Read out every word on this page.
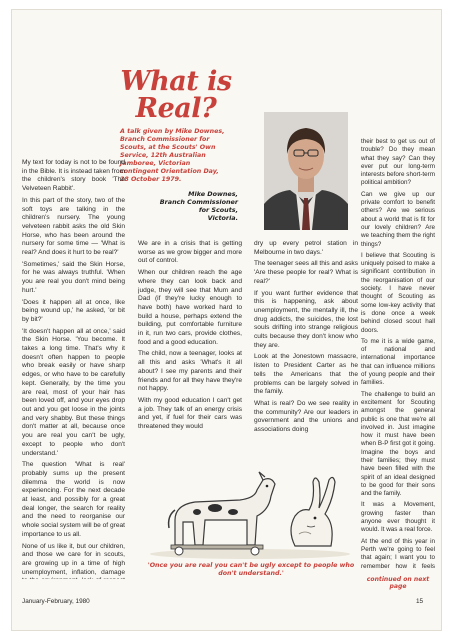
What is Real?
A talk given by Mike Downes, Branch Commissioner for Scouts, at the Scouts' Own Service, 12th Australian Jamboree, Victorian contingent Orientation Day, 28 October 1979.
Mike Downes,
Branch Commissioner
for Scouts,
Victoria.

My text for today is not to be found in the Bible. It is instead taken from the children's story book 'The Velveteen Rabbit'.

In this part of the story, two of the soft toys are talking in the children's nursery. The young velveteen rabbit asks the old Skin Horse, who has been around the nursery for some time — 'What is real? And does it hurt to be real?'

'Sometimes,' said the Skin Horse, for he was always truthful. 'When you are real you don't mind being hurt.'

'Does it happen all at once, like being wound up,' he asked, 'or bit by bit?'

'It doesn't happen all at once,' said the Skin Horse. 'You become. It takes a long time. That's why it doesn't often happen to people who break easily or have sharp edges, or who have to be carefully kept. Generally, by the time you are real, most of your hair has been loved off, and your eyes drop out and you get loose in the joints and very shabby. But these things don't matter at all, because once you are real you can't be ugly, except to people who don't understand.'

The question 'What is real' probably sums up the present dilemma the world is now experiencing. For the next decade at least, and possibly for a great deal longer, the search for reality and the need to reorganise our whole social system will be of great importance to us all.

None of us like it, but our children, and those we care for in scouts, are growing up in a time of high unemployment, inflation, damage

We are in a crisis that is getting worse as we grow bigger and more out of control.

When our children reach the age where they can look back and judge, they will see that Mum and Dad (if they're lucky enough to have both) have worked hard to build a house, perhaps extend the building, put comfortable furniture in it, run two cars, provide clothes, food and a good education.

The child, now a teenager, looks at all this and asks 'What's it all about? I see my parents and their friends and for all they have they're not happy.

With my good education I can't get a job. They talk of an energy crisis and yet, if fuel for their cars was threatened they would

dry up every petrol station in Melbourne in two days.'

The teenager sees all this and asks 'Are these people for real? What is real?'

If you want further evidence that this is happening, ask about unemployment, the mentally ill, the drug addicts, the suicides, the lost souls drifting into strange religious cults because they don't know who they are.

Look at the Jonestown massacre, listen to President Carter as he tells the Americans that the problems can be largely solved in the family.

What is real? Do we see reality in the community? Are our leaders in government and the unions and associations doing

their best to get us out of trouble? Do they mean what they say? Can they ever put our long-term interests before short-term political ambition?

Can we give up our private comfort to benefit others? Are we serious about a world that is fit for our lovely children? Are we teaching them the right things?

I believe that Scouting is uniquely poised to make a significant contribution in the reorganisation of our society. I have never thought of Scouting as some low-key activity that is done once a week behind closed scout hall doors.

To me it is a wide game, of national and international importance that can influence millions of young people and their families.

The challenge to build an excitement for Scouting amongst the general public is one that we're all involved in. Just imagine how it must have been when B-P first got it going. Imagine the boys and their families; they must have been filled with the spirit of an ideal designed to be good for their sons and the family.

It was a Movement, growing faster than anyone ever thought it would. It was a real force.

At the end of this year in Perth we're going to feel that again; I want you to remember how it feels

'Once you are real you can't be ugly except to people who don't understand.'
continued on next page
January-February, 1980	15
